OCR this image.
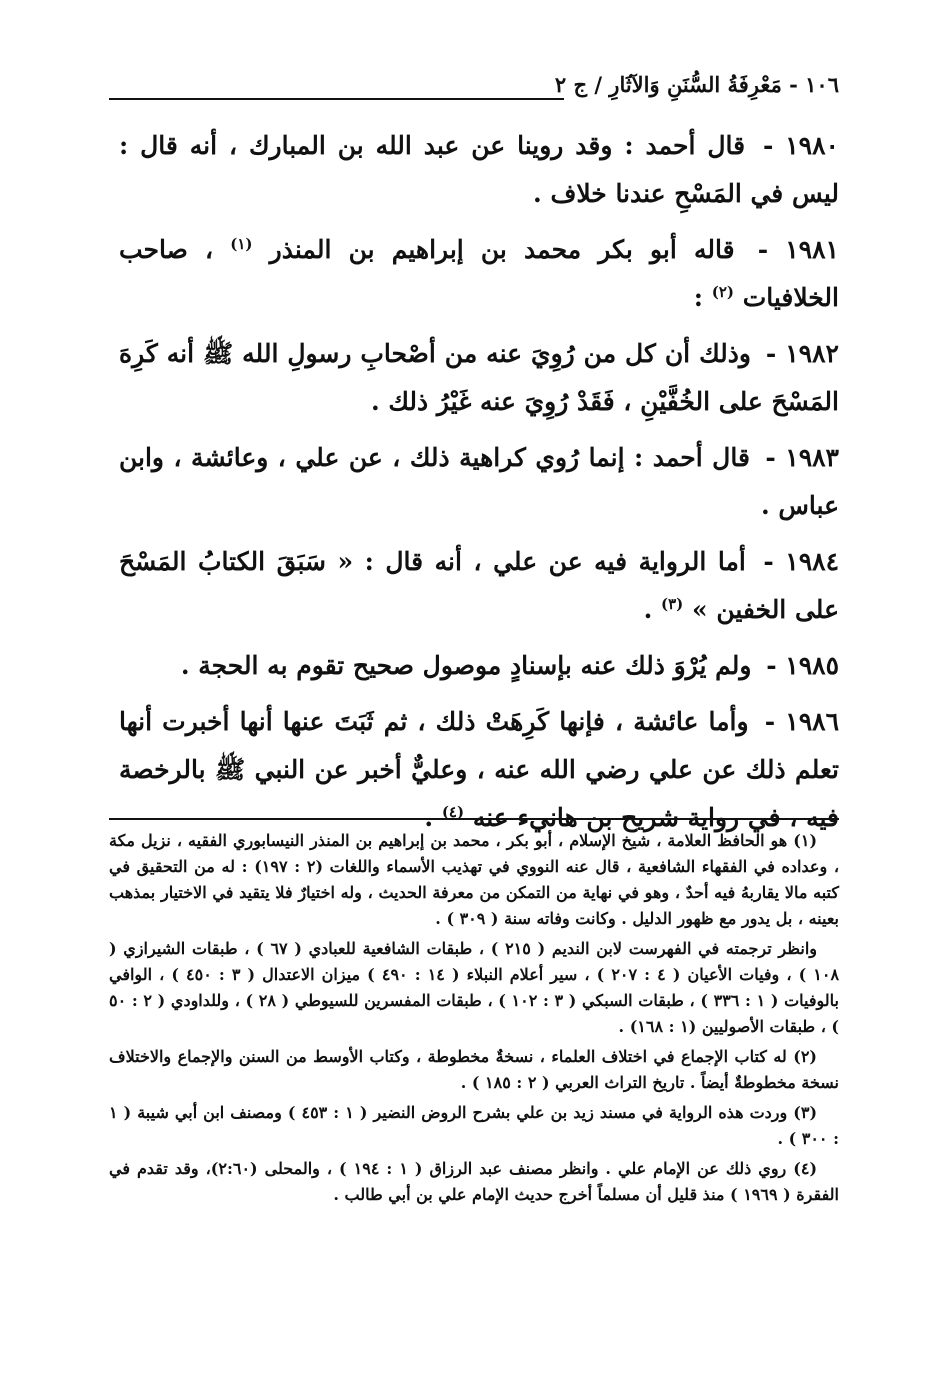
١٠٦ - مَعْرِفَةُ السُّنَنِ وَالآثَارِ / ج ٢

١٩٨٠ - قال أحمد : وقد روينا عن عبد الله بن المبارك ، أنه قال : ليس في المَسْحِ عندنا خلاف .

١٩٨١ - قاله أبو بكر محمد بن إبراهيم بن المنذر $^{(١)}$ ، صاحب الخلافيات $^{(٢)}$ :

١٩٨٢ - وذلك أن كل من رُوِيَ عنه من أصْحابِ رسولِ الله ﷺ أنه كَرِهَ المَسْحَ على الخُفَّيْنِ ، فَقَدْ رُوِيَ عنه غَيْرُ ذلك .

١٩٨٣ - قال أحمد : إنما رُوي كراهية ذلك ، عن علي ، وعائشة ، وابن عباس .

١٩٨٤ - أما الرواية فيه عن علي ، أنه قال : « سَبَقَ الكتابُ المَسْحَ على الخفين » $^{(٣)}$ .

١٩٨٥ - ولم يُرْوَ ذلك عنه بإسنادٍ موصول صحيح تقوم به الحجة .

١٩٨٦ - وأما عائشة ، فإنها كَرِهَتْ ذلك ، ثم ثَبَتَ عنها أنها أخبرت أنها تعلم ذلك عن علي رضي الله عنه ، وعليٌّ أخبر عن النبي ﷺ بالرخصة فيه ، في رواية شريح بن هانيء عنه $^{(٤)}$ .

(١) هو الحافظ العلامة ، شيخ الإسلام ، أبو بكر ، محمد بن إبراهيم بن المنذر النيسابوري الفقيه ، نزيل مكة ، وعداده في الفقهاء الشافعية ، قال عنه النووي في تهذيب الأسماء واللغات (٢ : ١٩٧) : له من التحقيق في كتبه مالا يقاربهُ فيه أحدٌ ، وهو في نهاية من التمكن من معرفة الحديث ، وله اختيارٌ فلا يتقيد في الاختيار بمذهب بعينه ، بل يدور مع ظهور الدليل . وكانت وفاته سنة ( ٣٠٩ ) .

وانظر ترجمته في الفهرست لابن النديم ( ٢١٥ ) ، طبقات الشافعية للعبادي ( ٦٧ ) ، طبقات الشيرازي ( ١٠٨ ) ، وفيات الأعيان ( ٤ : ٢٠٧ ) ، سير أعلام النبلاء ( ١٤ : ٤٩٠ ) ميزان الاعتدال ( ٣ : ٤٥٠ ) ، الوافي بالوفيات ( ١ : ٣٣٦ ) ، طبقات السبكي ( ٣ : ١٠٢ ) ، طبقات المفسرين للسيوطي ( ٢٨ ) ، وللداودي ( ٢ : ٥٠ ) ، طبقات الأصوليين (١ : ١٦٨) .

(٢) له كتاب الإجماع في اختلاف العلماء ، نسخةٌ مخطوطة ، وكتاب الأوسط من السنن والإجماع والاختلاف نسخة مخطوطةٌ أيضاً . تاريخ التراث العربي ( ٢ : ١٨٥ ) .

(٣) وردت هذه الرواية في مسند زيد بن علي بشرح الروض النضير ( ١ : ٤٥٣ ) ومصنف ابن أبي شيبة ( ١ : ٣٠٠ ) .

(٤) روي ذلك عن الإمام علي . وانظر مصنف عبد الرزاق ( ١ : ١٩٤ ) ، والمحلى (٢:٦٠)، وقد تقدم في الفقرة ( ١٩٦٩ ) منذ قليل أن مسلماً أخرج حديث الإمام علي بن أبي طالب .
